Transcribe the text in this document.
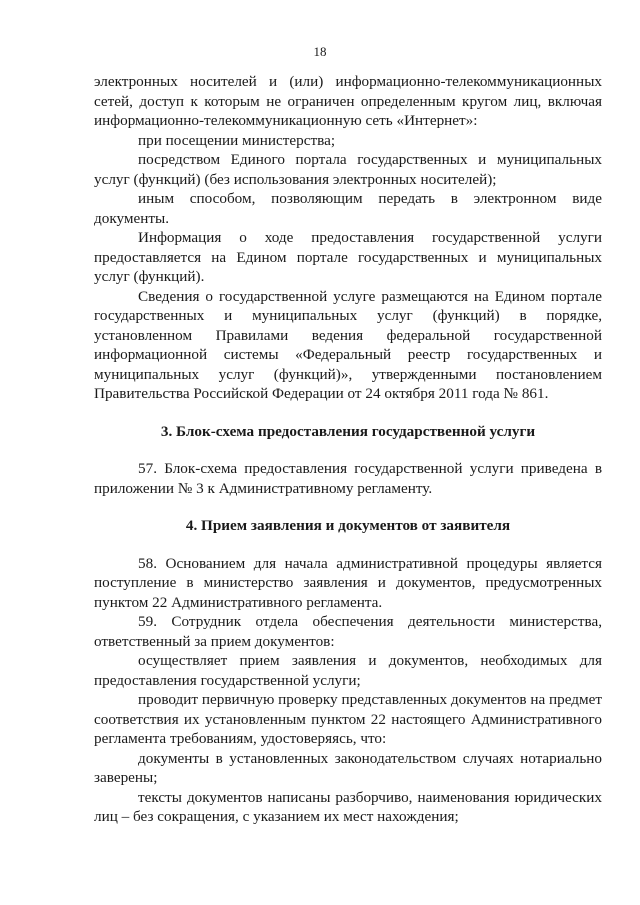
18

электронных носителей и (или) информационно-телекоммуникационных сетей, доступ к которым не ограничен определенным кругом лиц, включая информационно-телекоммуникационную сеть «Интернет»:

при посещении министерства;

посредством Единого портала государственных и муниципальных услуг (функций) (без использования электронных носителей);

иным способом, позволяющим передать в электронном виде документы.

Информация о ходе предоставления государственной услуги предоставляется на Едином портале государственных и муниципальных услуг (функций).

Сведения о государственной услуге размещаются на Едином портале государственных и муниципальных услуг (функций) в порядке, установленном Правилами ведения федеральной государственной информационной системы «Федеральный реестр государственных и муниципальных услуг (функций)», утвержденными постановлением Правительства Российской Федерации от 24 октября 2011 года № 861.

3. Блок-схема предоставления государственной услуги

57. Блок-схема предоставления государственной услуги приведена в приложении № 3 к Административному регламенту.

4. Прием заявления и документов от заявителя

58. Основанием для начала административной процедуры является поступление в министерство заявления и документов, предусмотренных пунктом 22 Административного регламента.

59. Сотрудник отдела обеспечения деятельности министерства, ответственный за прием документов:

осуществляет прием заявления и документов, необходимых для предоставления государственной услуги;

проводит первичную проверку представленных документов на предмет соответствия их установленным пунктом 22 настоящего Административного регламента требованиям, удостоверяясь, что:

документы в установленных законодательством случаях нотариально заверены;

тексты документов написаны разборчиво, наименования юридических лиц – без сокращения, с указанием их мест нахождения;
